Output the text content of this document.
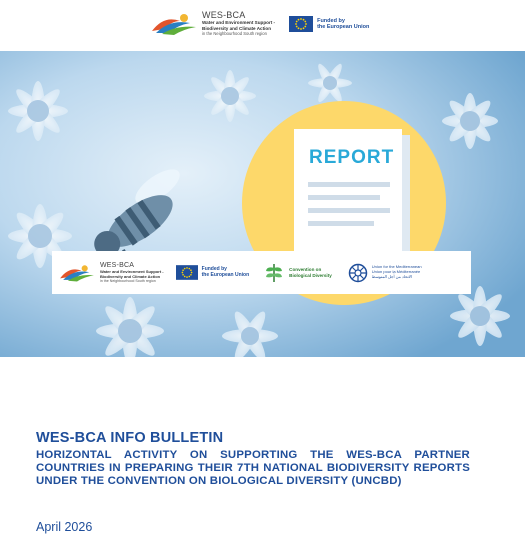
WES-BCA
Water and Environment Support -
Biodiversity and Climate Action
in the Neighbourhood South region
Funded by
the European Union
REPORT
WES-BCA
Water and Environment Support -
Biodiversity and Climate Action
in the Neighbourhood South region
Funded by
the European Union
Convention on
Biological Diversity
Union for the Mediterranean
Union pour la Méditerranée
الاتحاد من أجل المتوسط
WES-BCA INFO BULLETIN
HORIZONTAL ACTIVITY ON SUPPORTING THE WES-BCA PARTNER COUNTRIES IN PREPARING THEIR 7TH NATIONAL BIODIVERSITY REPORTS UNDER THE CONVENTION ON BIOLOGICAL DIVERSITY (UNCBD)
April 2026
